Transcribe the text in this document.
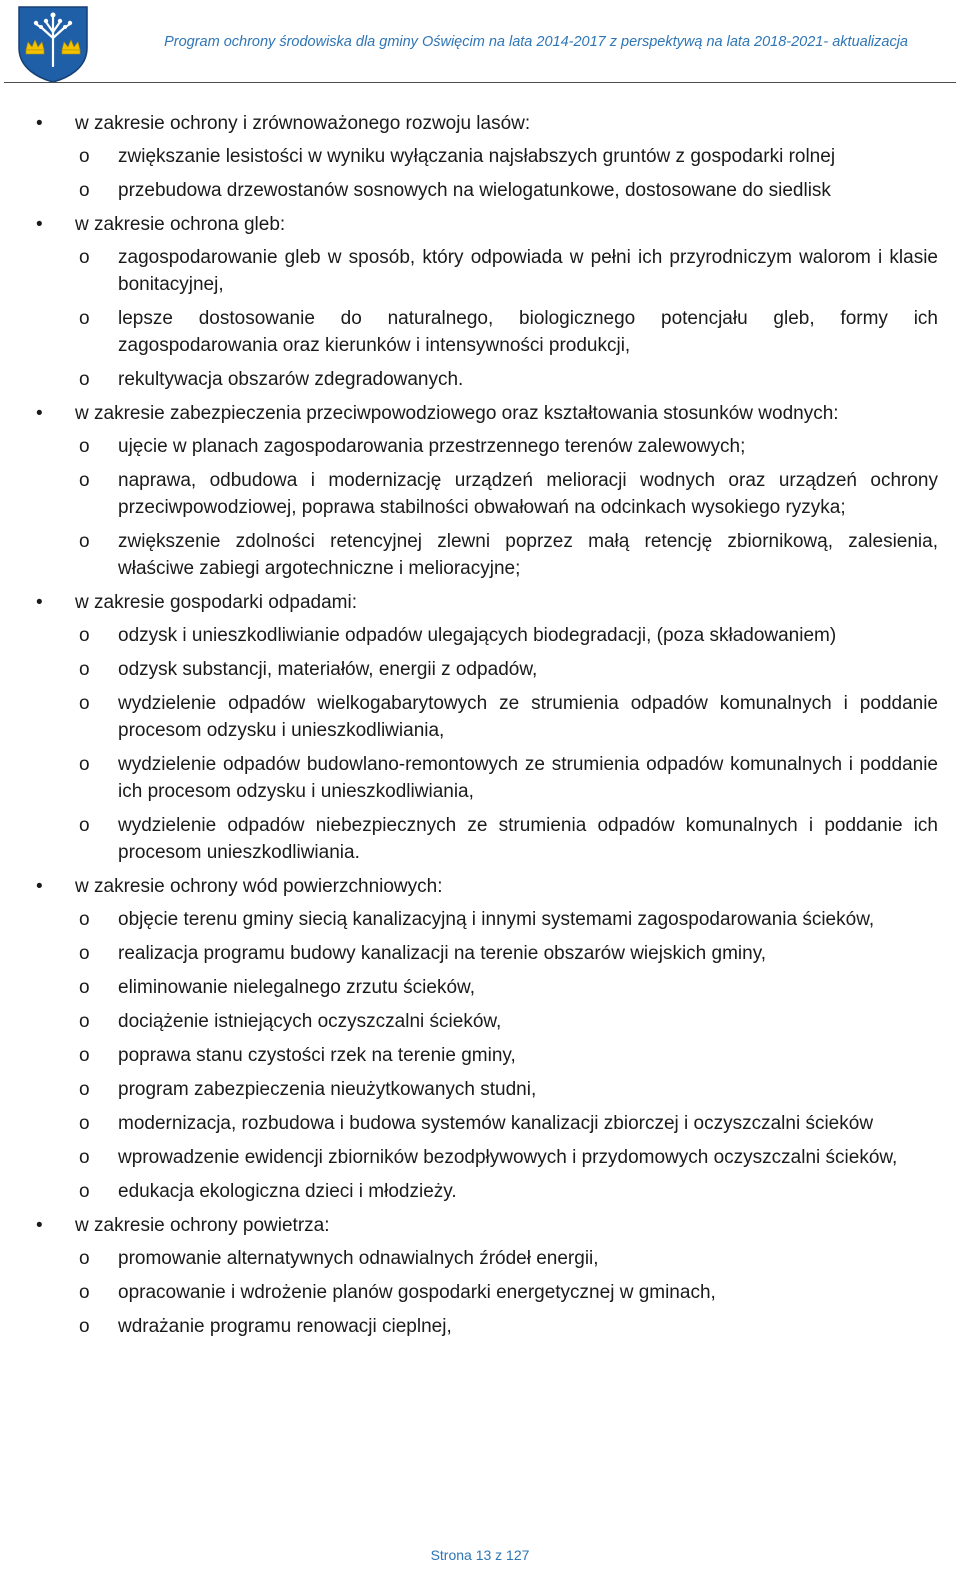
Program ochrony środowiska dla gminy Oświęcim na lata 2014-2017 z perspektywą na lata 2018-2021- aktualizacja
• w zakresie ochrony i zrównoważonego rozwoju lasów:
o zwiększanie lesistości w wyniku wyłączania najsłabszych gruntów z gospodarki rolnej
o przebudowa drzewostanów sosnowych na wielogatunkowe, dostosowane do siedlisk
• w zakresie ochrona gleb:
o zagospodarowanie gleb w sposób, który odpowiada w pełni ich przyrodniczym walorom i klasie bonitacyjnej,
o lepsze dostosowanie do naturalnego, biologicznego potencjału gleb, formy ich zagospodarowania oraz kierunków i intensywności produkcji,
o rekultywacja obszarów zdegradowanych.
• w zakresie zabezpieczenia przeciwpowodziowego oraz kształtowania stosunków wodnych:
o ujęcie w planach zagospodarowania przestrzennego terenów zalewowych;
o naprawa, odbudowa i modernizację urządzeń melioracji wodnych oraz urządzeń ochrony przeciwpowodziowej, poprawa stabilności obwałowań na odcinkach wysokiego ryzyka;
o zwiększenie zdolności retencyjnej zlewni poprzez małą retencję zbiornikową, zalesienia, właściwe zabiegi argotechniczne i melioracyjne;
• w zakresie gospodarki odpadami:
o odzysk i unieszkodliwianie odpadów ulegających biodegradacji, (poza składowaniem)
o odzysk substancji, materiałów, energii z odpadów,
o wydzielenie odpadów wielkogabarytowych ze strumienia odpadów komunalnych i poddanie procesom odzysku i unieszkodliwiania,
o wydzielenie odpadów budowlano-remontowych ze strumienia odpadów komunalnych i poddanie ich procesom odzysku i unieszkodliwiania,
o wydzielenie odpadów niebezpiecznych ze strumienia odpadów komunalnych i poddanie ich procesom unieszkodliwiania.
• w zakresie ochrony wód powierzchniowych:
o objęcie terenu gminy siecią kanalizacyjną i innymi systemami zagospodarowania ścieków,
o realizacja programu budowy kanalizacji na terenie obszarów wiejskich gminy,
o eliminowanie nielegalnego zrzutu ścieków,
o dociążenie istniejących oczyszczalni ścieków,
o poprawa stanu czystości rzek na terenie gminy,
o program zabezpieczenia nieużytkowanych studni,
o modernizacja, rozbudowa i budowa systemów kanalizacji zbiorczej i oczyszczalni ścieków
o wprowadzenie ewidencji zbiorników bezodpływowych i przydomowych oczyszczalni ścieków,
o edukacja ekologiczna dzieci i młodzieży.
• w zakresie ochrony powietrza:
o promowanie alternatywnych odnawialnych źródeł energii,
o opracowanie i wdrożenie planów gospodarki energetycznej w gminach,
o wdrażanie programu renowacji cieplnej,
Strona 13 z 127
